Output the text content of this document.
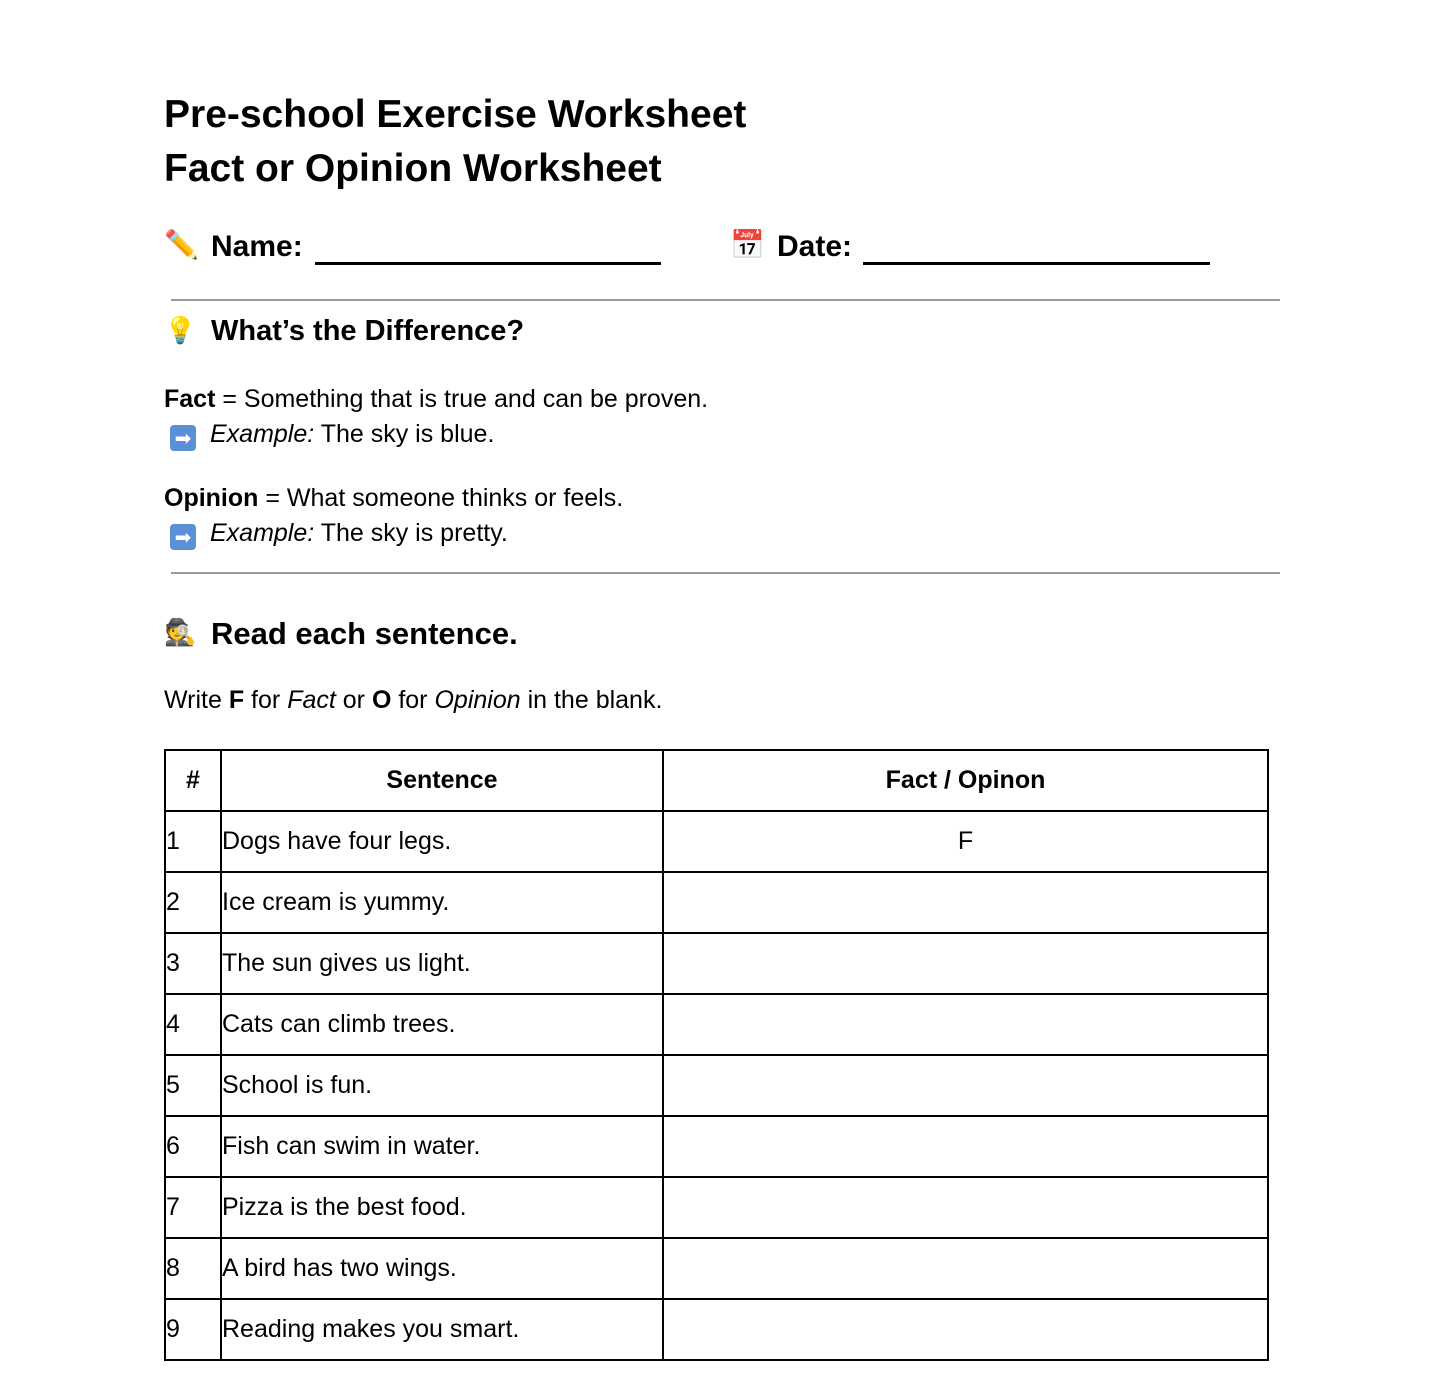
Pre-school Exercise Worksheet
Fact or Opinion Worksheet
✏️ Name:	📅 Date:
💡 What’s the Difference?
Fact = Something that is true and can be proven.
➡ Example: The sky is blue.
Opinion = What someone thinks or feels.
➡ Example: The sky is pretty.
🕵️ Read each sentence.
Write F for Fact or O for Opinion in the blank.
#	Sentence	Fact / Opinon
1	Dogs have four legs.	F
2	Ice cream is yummy.	
3	The sun gives us light.	
4	Cats can climb trees.	
5	School is fun.	
6	Fish can swim in water.	
7	Pizza is the best food.	
8	A bird has two wings.	
9	Reading makes you smart.	
